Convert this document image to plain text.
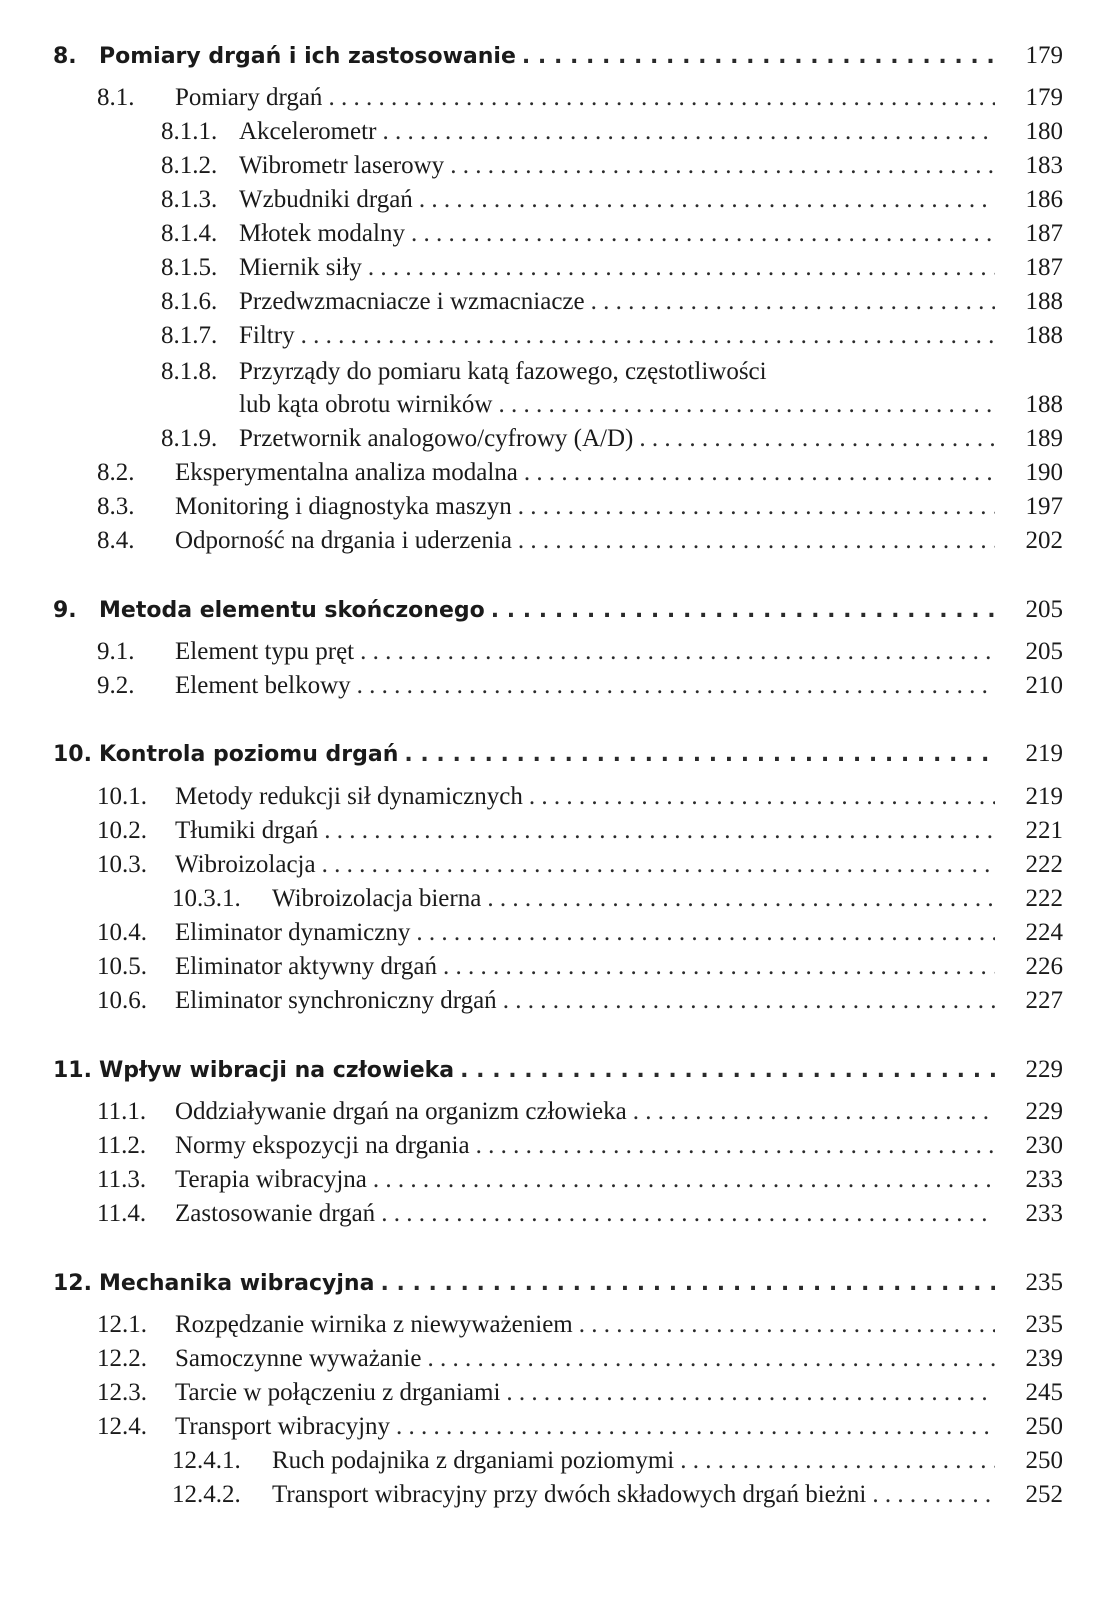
8.	Pomiary drgań i ich zastosowanie . . .	179
8.1.	Pomiary drgań . . .	179
8.1.1. Akcelerometr . . .	180
8.1.2. Wibrometr laserowy . . .	183
8.1.3. Wzbudniki drgań . . .	186
8.1.4. Młotek modalny . . .	187
8.1.5. Miernik siły . . .	187
8.1.6. Przedwzmacniacze i wzmacniacze . . .	188
8.1.7. Filtry . . .	188
8.1.8. Przyrządy do pomiaru katą fazowego, częstotliwości
lub kąta obrotu wirników . . .	188
8.1.9. Przetwornik analogowo/cyfrowy (A/D) . . .	189
8.2.	Eksperymentalna analiza modalna . . .	190
8.3.	Monitoring i diagnostyka maszyn . . .	197
8.4.	Odporność na drgania i uderzenia . . .	202
9.	Metoda elementu skończonego . . .	205
9.1.	Element typu pręt . . .	205
9.2.	Element belkowy . . .	210
10. Kontrola poziomu drgań . . .	219
10.1.	Metody redukcji sił dynamicznych . . .	219
10.2.	Tłumiki drgań . . .	221
10.3.	Wibroizolacja . . .	222
10.3.1.	Wibroizolacja bierna . . .	222
10.4.	Eliminator dynamiczny . . .	224
10.5.	Eliminator aktywny drgań . . .	226
10.6.	Eliminator synchroniczny drgań . . .	227
11. Wpływ wibracji na człowieka . . .	229
11.1.	Oddziaływanie drgań na organizm człowieka . . .	229
11.2.	Normy ekspozycji na drgania . . .	230
11.3.	Terapia wibracyjna . . .	233
11.4.	Zastosowanie drgań . . .	233
12. Mechanika wibracyjna . . .	235
12.1.	Rozpędzanie wirnika z niewyważeniem . . .	235
12.2.	Samoczynne wyważanie . . .	239
12.3.	Tarcie w połączeniu z drganiami . . .	245
12.4.	Transport wibracyjny . . .	250
12.4.1.	Ruch podajnika z drganiami poziomymi . . .	250
12.4.2.	Transport wibracyjny przy dwóch składowych drgań bieżni . . .	252
